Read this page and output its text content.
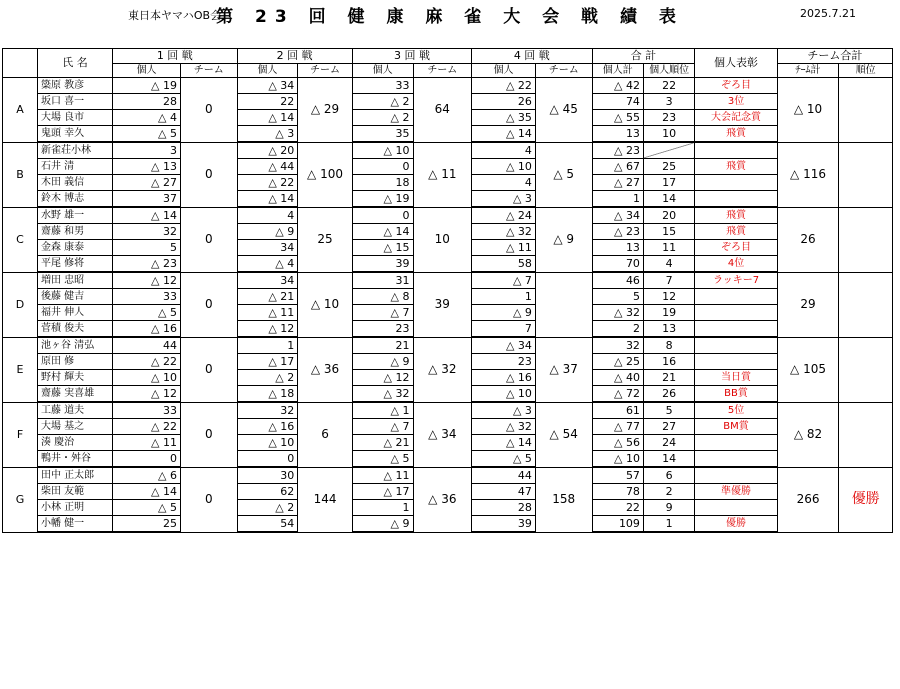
東日本ヤマハOB会
第 23 回 健 康 麻 雀 大 会 戦 績 表	2025.7.21
	氏 名	1 回 戦		2 回 戦		3 回 戦		4 回 戦		合 計		個人表彰	チーム合計	
		個人	チーム	個人	チーム	個人	チーム	個人	チーム	個人計	個人順位		ﾁｰﾑ計	順位
A	簗原 教彦	△ 19	0	△ 34	△ 29	33	64	△ 22	△ 45	△ 42	22	ぞろ目	△ 10	
	坂口 喜一	28		22		△ 2		26		74	3	3位		
	大場 良市	△ 4		△ 14		△ 2		△ 35		△ 55	23	大会記念賞		
	鬼頭 幸久	△ 5		△ 3		35		△ 14		13	10	飛賞		
B	新雀荘小林	3	0	△ 20	△ 100	△ 10	△ 11	4	△ 5	△ 23			△ 116	
	石井 清	△ 13		△ 44		0		△ 10		△ 67	25	飛賞		
	木田 義信	△ 27		△ 22		18		4		△ 27	17			
	鈴木 博志	37		△ 14		△ 19		△ 3		1	14			
C	水野 雄一	△ 14	0	4	25	0	10	△ 24	△ 9	△ 34	20	飛賞	26	
	齋藤 和男	32		△ 9		△ 14		△ 32		△ 23	15	飛賞		
	金森 康泰	5		34		△ 15		△ 11		13	11	ぞろ目		
	平尾 修将	△ 23		△ 4		39		58		70	4	4位		
D	増田 忠昭	△ 12	0	34	△ 10	31	39	△ 7		46	7	ラッキー7	29	
	後藤 健吉	33		△ 21		△ 8		1		5	12			
	福井 伸人	△ 5		△ 11		△ 7		△ 9		△ 32	19			
	菅積 俊夫	△ 16		△ 12		23		7		2	13			
E	池ヶ谷 清弘	44	0	1	△ 36	21	△ 32	△ 34	△ 37	32	8		△ 105	
	原田 修	△ 22		△ 17		△ 9		23		△ 25	16			
	野村 輝夫	△ 10		△ 2		△ 12		△ 16		△ 40	21	当日賞		
	齋藤 実喜雄	△ 12		△ 18		△ 32		△ 10		△ 72	26	BB賞		
F	工藤 道夫	33	0	32	6	△ 1	△ 34	△ 3	△ 54	61	5	5位	△ 82	
	大場 基之	△ 22		△ 16		△ 7		△ 32		△ 77	27	BM賞		
	湊 慶治	△ 11		△ 10		△ 21		△ 14		△ 56	24			
	鴨井・舛谷	0		0		△ 5		△ 5		△ 10	14			
G	田中 正太郎	△ 6	0	30	144	△ 11	△ 36	44	158	57	6		266	優勝
	柴田 友範	△ 14		62		△ 17		47		78	2	準優勝		
	小林 正明	△ 5		△ 2		1		28		22	9			
	小幡 健一	25		54		△ 9		39		109	1	優勝		
